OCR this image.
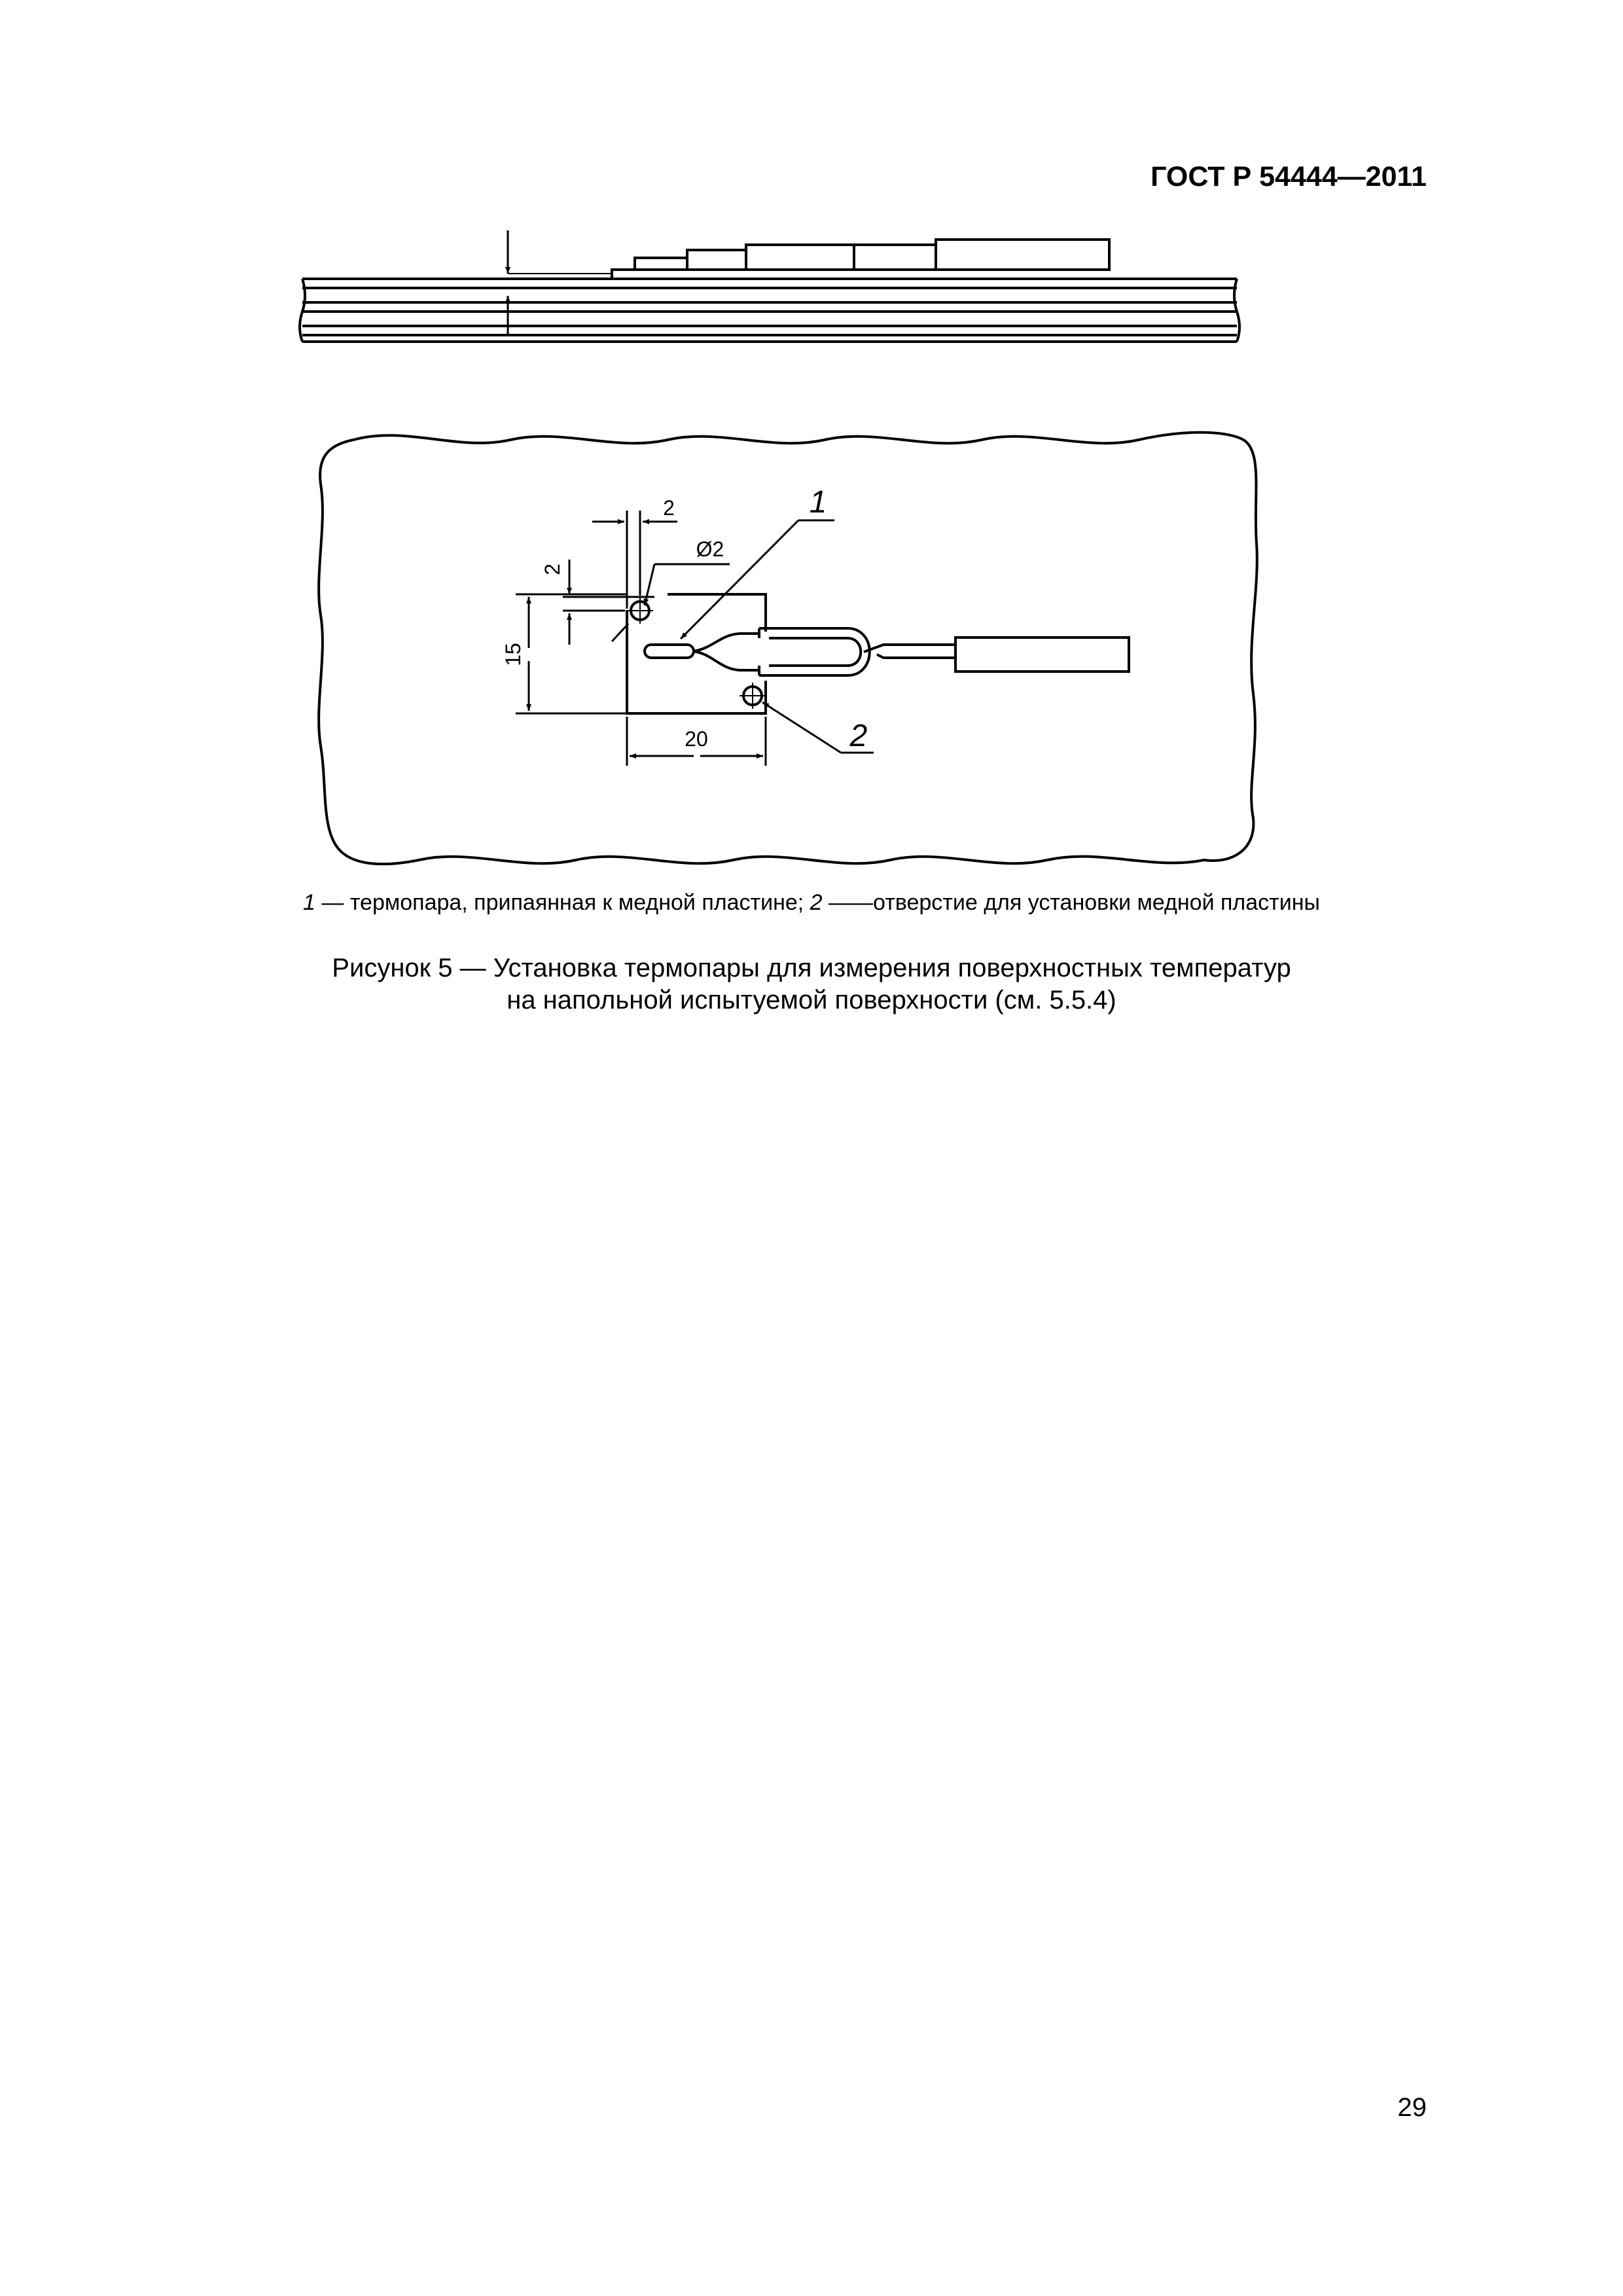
ГОСТ Р 54444—2011
2
Ø2
2
15
20
1
2
1 — термопара, припаянная к медной пластине; 2 ——отверстие для установки медной пластины
Рисунок 5 — Установка термопары для измерения поверхностных температур
на напольной испытуемой поверхности (см. 5.5.4)
29
